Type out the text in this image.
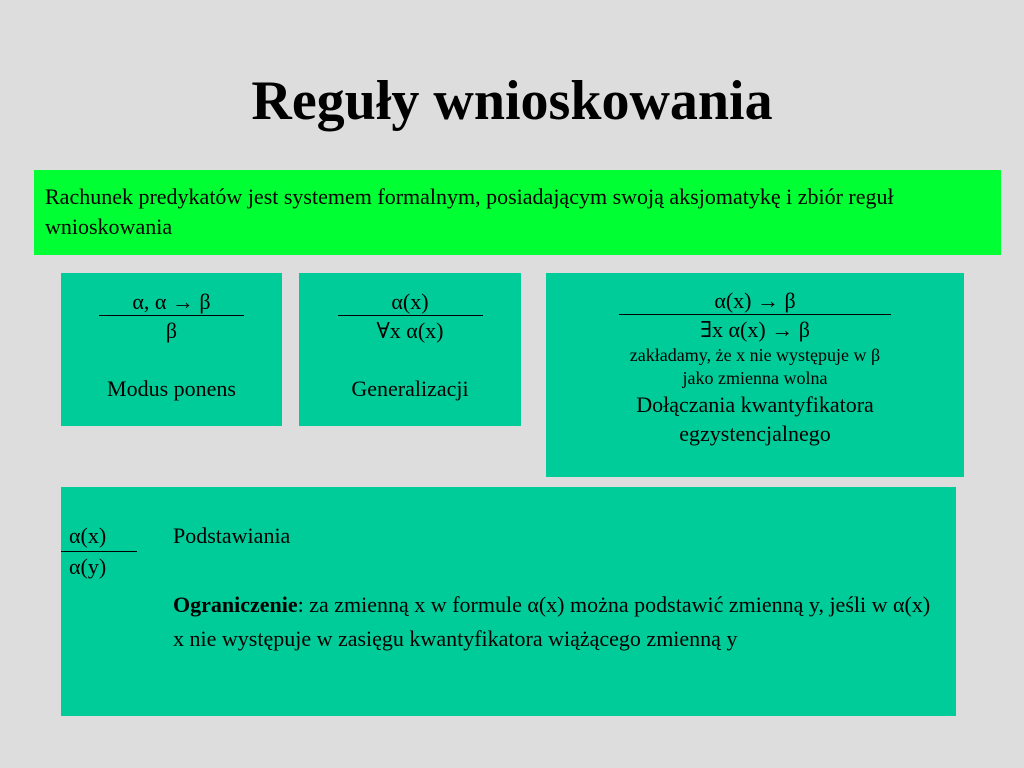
Reguły wnioskowania
Rachunek predykatów jest systemem formalnym, posiadającym swoją aksjomatykę i zbiór reguł wnioskowania
α, α → β
β
Modus ponens
α(x)
∀x α(x)
Generalizacji
α(x) → β
∃x α(x) → β
zakładamy, że x nie występuje w β
jako zmienna wolna
Dołączania kwantyfikatora
egzystencjalnego
$\frac{\alpha(x)}{\alpha(y)}$ Podstawiania
Ograniczenie: za zmienną x w formule α(x) można podstawić zmienną y, jeśli w α(x) x nie występuje w zasięgu kwantyfikatora wiążącego zmienną y
